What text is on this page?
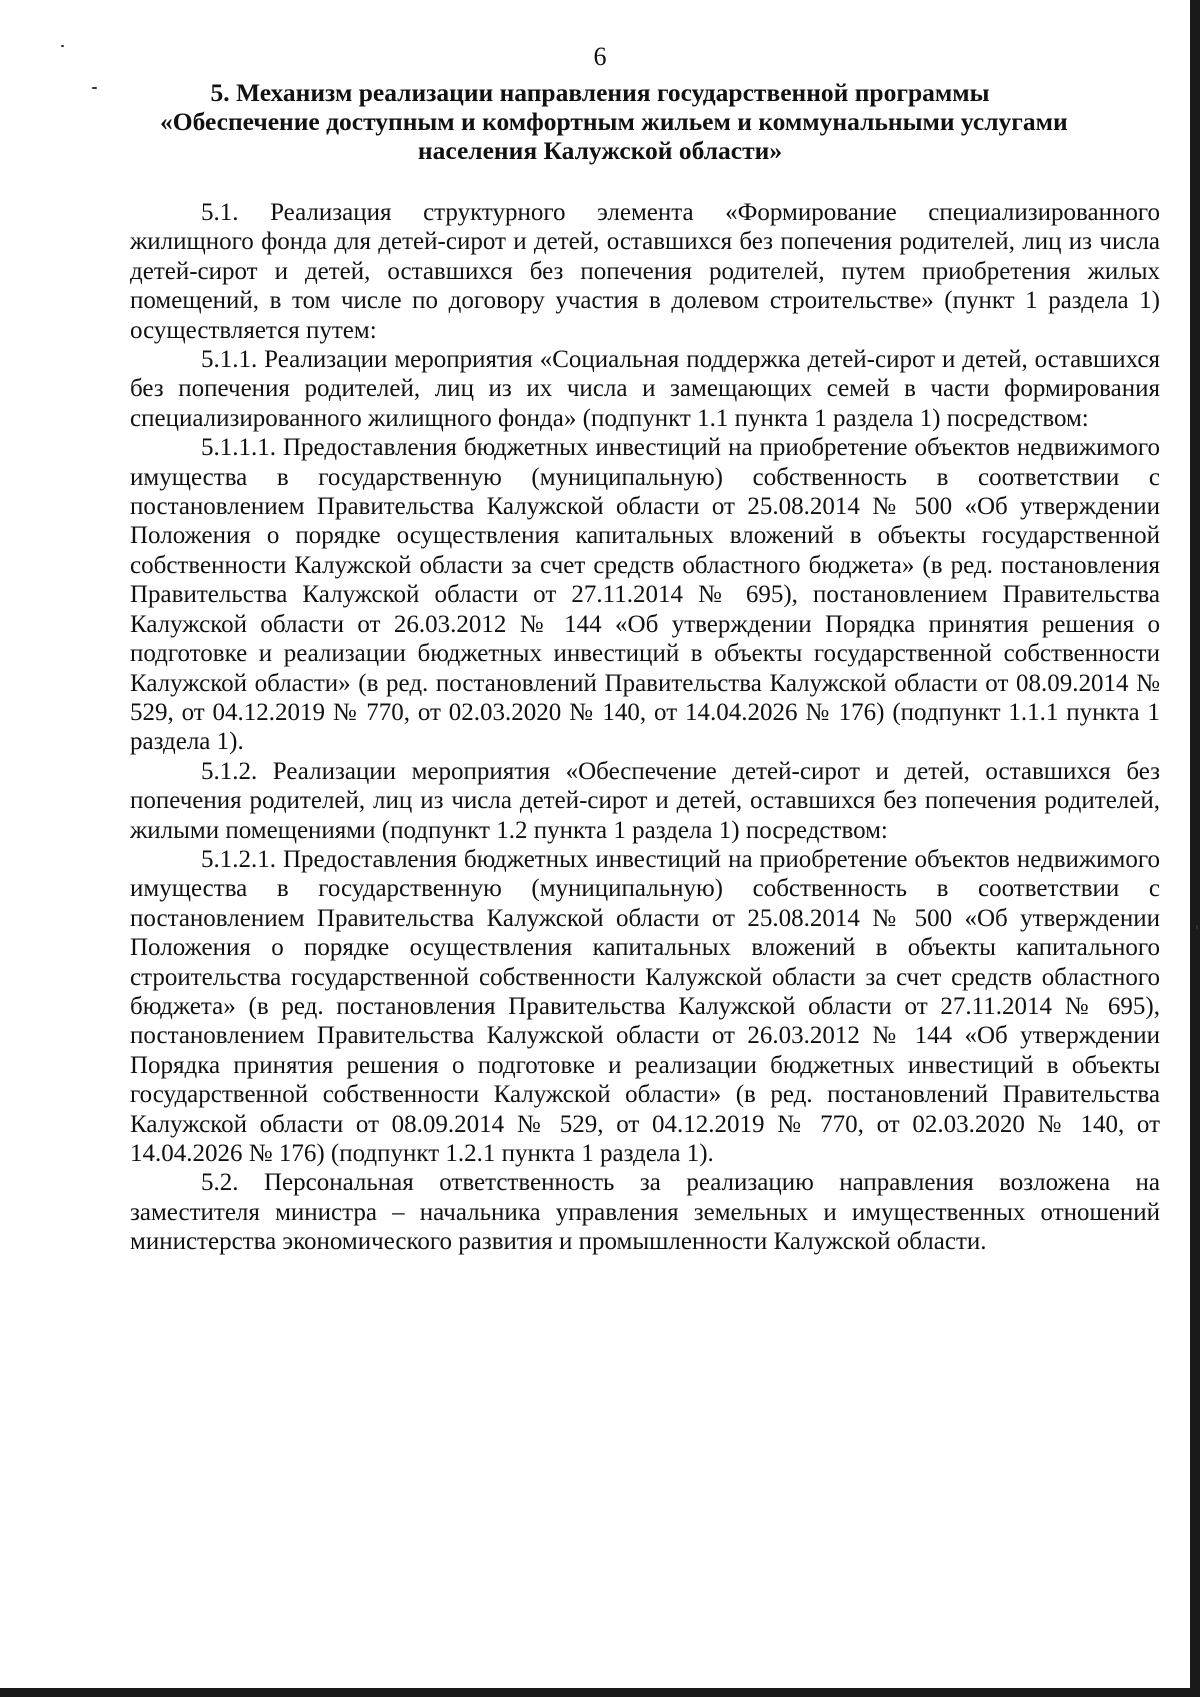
6
5. Механизм реализации направления государственной программы
«Обеспечение доступным и комфортным жильем и коммунальными услугами
населения Калужской области»

5.1. Реализация структурного элемента «Формирование специализированного жилищного фонда для детей-сирот и детей, оставшихся без попечения родителей, лиц из числа детей-сирот и детей, оставшихся без попечения родителей, путем приобретения жилых помещений, в том числе по договору участия в долевом строительстве» (пункт 1 раздела 1) осуществляется путем:

5.1.1. Реализации мероприятия «Социальная поддержка детей-сирот и детей, оставшихся без попечения родителей, лиц из их числа и замещающих семей в части формирования специализированного жилищного фонда» (подпункт 1.1 пункта 1 раздела 1) посредством:

5.1.1.1. Предоставления бюджетных инвестиций на приобретение объектов недвижимого имущества в государственную (муниципальную) собственность в соответствии с постановлением Правительства Калужской области от 25.08.2014 № 500 «Об утверждении Положения о порядке осуществления капитальных вложений в объекты государственной собственности Калужской области за счет средств областного бюджета» (в ред. постановления Правительства Калужской области от 27.11.2014 № 695), постановлением Правительства Калужской области от 26.03.2012 № 144 «Об утверждении Порядка принятия решения о подготовке и реализации бюджетных инвестиций в объекты государственной собственности Калужской области» (в ред. постановлений Правительства Калужской области от 08.09.2014 № 529, от 04.12.2019 № 770, от 02.03.2020 № 140, от 14.04.2026 № 176) (подпункт 1.1.1 пункта 1 раздела 1).

5.1.2. Реализации мероприятия «Обеспечение детей-сирот и детей, оставшихся без попечения родителей, лиц из числа детей-сирот и детей, оставшихся без попечения родителей, жилыми помещениями (подпункт 1.2 пункта 1 раздела 1) посредством:

5.1.2.1. Предоставления бюджетных инвестиций на приобретение объектов недвижимого имущества в государственную (муниципальную) собственность в соответствии с постановлением Правительства Калужской области от 25.08.2014 № 500 «Об утверждении Положения о порядке осуществления капитальных вложений в объекты капитального строительства государственной собственности Калужской области за счет средств областного бюджета» (в ред. постановления Правительства Калужской области от 27.11.2014 № 695), постановлением Правительства Калужской области от 26.03.2012 № 144 «Об утверждении Порядка принятия решения о подготовке и реализации бюджетных инвестиций в объекты государственной собственности Калужской области» (в ред. постановлений Правительства Калужской области от 08.09.2014 № 529, от 04.12.2019 № 770, от 02.03.2020 № 140, от 14.04.2026 № 176) (подпункт 1.2.1 пункта 1 раздела 1).

5.2. Персональная ответственность за реализацию направления возложена на заместителя министра – начальника управления земельных и имущественных отношений министерства экономического развития и промышленности Калужской области.
